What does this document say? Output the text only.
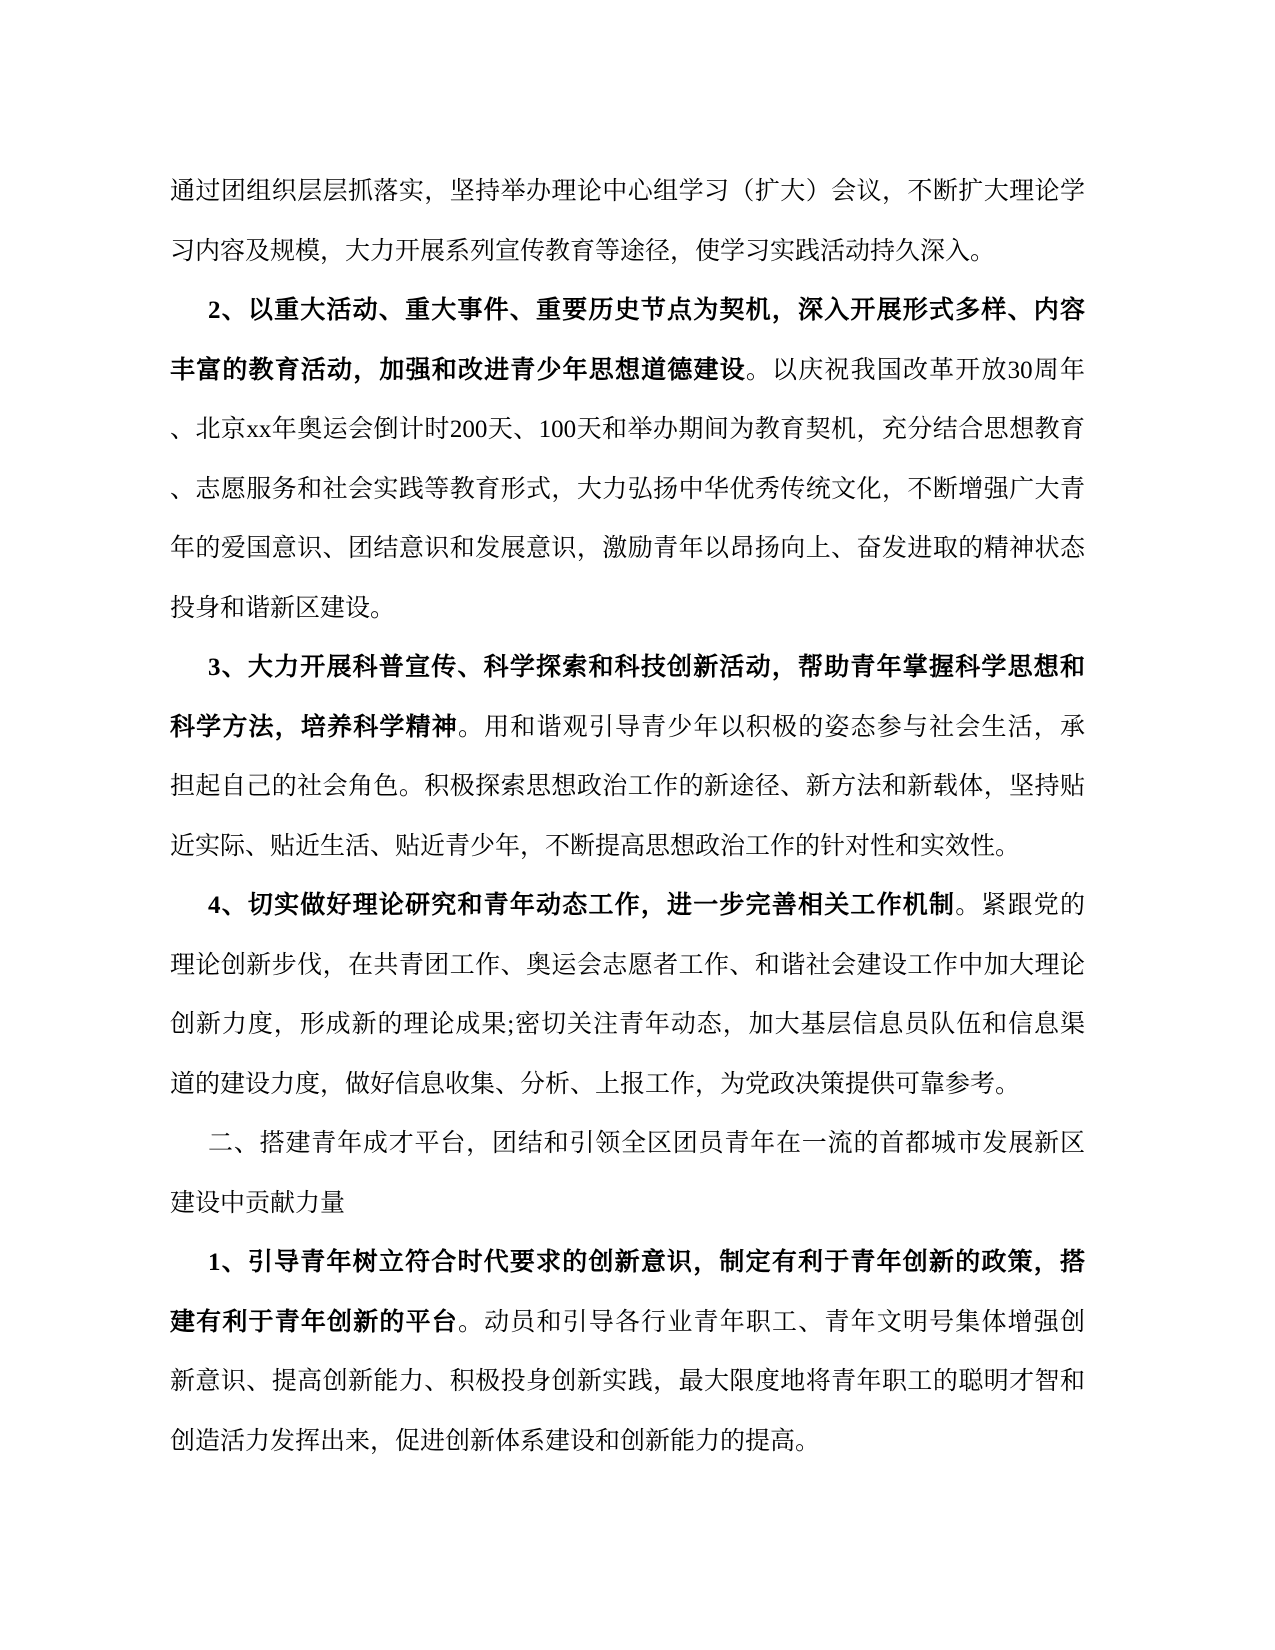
通过团组织层层抓落实，坚持举办理论中心组学习（扩大）会议，不断扩大理论学
习内容及规模，大力开展系列宣传教育等途径，使学习实践活动持久深入。
2、以重大活动、重大事件、重要历史节点为契机，深入开展形式多样、内容
丰富的教育活动，加强和改进青少年思想道德建设。以庆祝我国改革开放30周年
、北京xx年奥运会倒计时200天、100天和举办期间为教育契机，充分结合思想教育
、志愿服务和社会实践等教育形式，大力弘扬中华优秀传统文化，不断增强广大青
年的爱国意识、团结意识和发展意识，激励青年以昂扬向上、奋发进取的精神状态
投身和谐新区建设。
3、大力开展科普宣传、科学探索和科技创新活动，帮助青年掌握科学思想和
科学方法，培养科学精神。用和谐观引导青少年以积极的姿态参与社会生活，承
担起自己的社会角色。积极探索思想政治工作的新途径、新方法和新载体，坚持贴
近实际、贴近生活、贴近青少年，不断提高思想政治工作的针对性和实效性。
4、切实做好理论研究和青年动态工作，进一步完善相关工作机制。紧跟党的
理论创新步伐，在共青团工作、奥运会志愿者工作、和谐社会建设工作中加大理论
创新力度，形成新的理论成果;密切关注青年动态，加大基层信息员队伍和信息渠
道的建设力度，做好信息收集、分析、上报工作，为党政决策提供可靠参考。
二、搭建青年成才平台，团结和引领全区团员青年在一流的首都城市发展新区
建设中贡献力量
1、引导青年树立符合时代要求的创新意识，制定有利于青年创新的政策，搭
建有利于青年创新的平台。动员和引导各行业青年职工、青年文明号集体增强创
新意识、提高创新能力、积极投身创新实践，最大限度地将青年职工的聪明才智和
创造活力发挥出来，促进创新体系建设和创新能力的提高。
